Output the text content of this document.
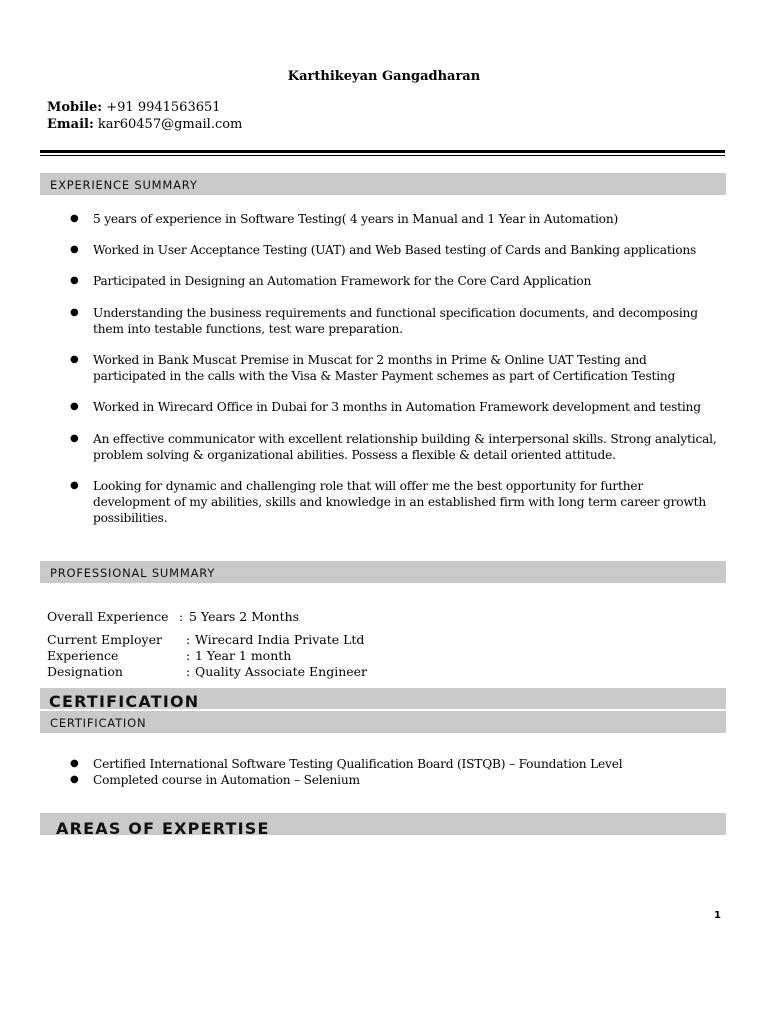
Karthikeyan Gangadharan
Mobile: +91 9941563651
Email: kar60457@gmail.com
EXPERIENCE SUMMARY
● 5 years of experience in Software Testing( 4 years in Manual and 1 Year in Automation)
● Worked in User Acceptance Testing (UAT) and Web Based testing of Cards and Banking applications
● Participated in Designing an Automation Framework for the Core Card Application
● Understanding the business requirements and functional specification documents, and decomposing them into testable functions, test ware preparation.
● Worked in Bank Muscat Premise in Muscat for 2 months in Prime & Online UAT Testing and participated in the calls with the Visa & Master Payment schemes as part of Certification Testing
● Worked in Wirecard Office in Dubai for 3 months in Automation Framework development and testing
● An effective communicator with excellent relationship building & interpersonal skills. Strong analytical, problem solving & organizational abilities. Possess a flexible & detail oriented attitude.
● Looking for dynamic and challenging role that will offer me the best opportunity for further development of my abilities, skills and knowledge in an established firm with long term career growth possibilities.
PROFESSIONAL SUMMARY
Overall Experience : 5 Years 2 Months
Current Employer : Wirecard India Private Ltd
Experience	: 1 Year 1 month
Designation	: Quality Associate Engineer
CERTIFICATION
CERTIFICATION
● Certified International Software Testing Qualification Board (ISTQB) – Foundation Level
● Completed course in Automation – Selenium
AREAS OF EXPERTISE
1
